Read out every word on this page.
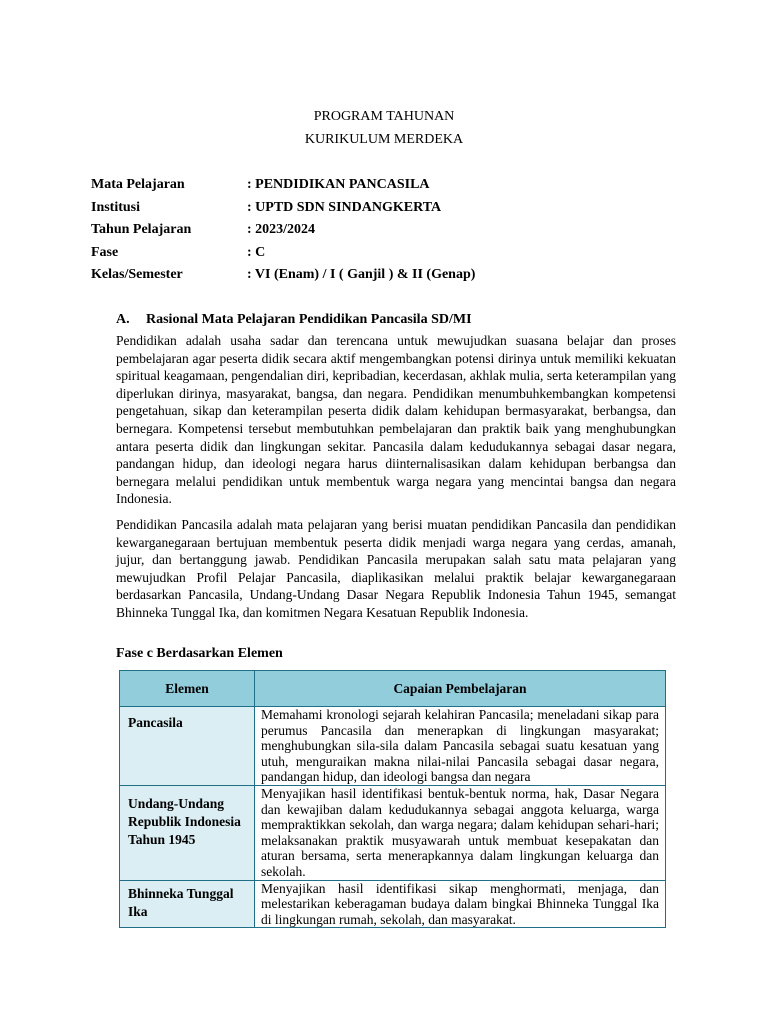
PROGRAM TAHUNAN
KURIKULUM MERDEKA
Mata Pelajaran	: PENDIDIKAN PANCASILA
Institusi	: UPTD SDN SINDANGKERTA
Tahun Pelajaran	: 2023/2024
Fase	: C
Kelas/Semester	: VI (Enam) / I ( Ganjil ) & II (Genap)
A. Rasional Mata Pelajaran Pendidikan Pancasila SD/MI

Pendidikan adalah usaha sadar dan terencana untuk mewujudkan suasana belajar dan proses pembelajaran agar peserta didik secara aktif mengembangkan potensi dirinya untuk memiliki kekuatan spiritual keagamaan, pengendalian diri, kepribadian, kecerdasan, akhlak mulia, serta keterampilan yang diperlukan dirinya, masyarakat, bangsa, dan negara. Pendidikan menumbuhkembangkan kompetensi pengetahuan, sikap dan keterampilan peserta didik dalam kehidupan bermasyarakat, berbangsa, dan bernegara. Kompetensi tersebut membutuhkan pembelajaran dan praktik baik yang menghubungkan antara peserta didik dan lingkungan sekitar. Pancasila dalam kedudukannya sebagai dasar negara, pandangan hidup, dan ideologi negara harus diinternalisasikan dalam kehidupan berbangsa dan bernegara melalui pendidikan untuk membentuk warga negara yang mencintai bangsa dan negara Indonesia.

Pendidikan Pancasila adalah mata pelajaran yang berisi muatan pendidikan Pancasila dan pendidikan kewarganegaraan bertujuan membentuk peserta didik menjadi warga negara yang cerdas, amanah, jujur, dan bertanggung jawab. Pendidikan Pancasila merupakan salah satu mata pelajaran yang mewujudkan Profil Pelajar Pancasila, diaplikasikan melalui praktik belajar kewarganegaraan berdasarkan Pancasila, Undang-Undang Dasar Negara Republik Indonesia Tahun 1945, semangat Bhinneka Tunggal Ika, dan komitmen Negara Kesatuan Republik Indonesia.

Fase c Berdasarkan Elemen
Elemen	Capaian Pembelajaran
Pancasila	Memahami kronologi sejarah kelahiran Pancasila; meneladani sikap para perumus Pancasila dan menerapkan di lingkungan masyarakat; menghubungkan sila-sila dalam Pancasila sebagai suatu kesatuan yang utuh, menguraikan makna nilai-nilai Pancasila sebagai dasar negara, pandangan hidup, dan ideologi bangsa dan negara
Undang-Undang Republik Indonesia Tahun 1945	Menyajikan hasil identifikasi bentuk-bentuk norma, hak, Dasar Negara dan kewajiban dalam kedudukannya sebagai anggota keluarga, warga mempraktikkan sekolah, dan warga negara; dalam kehidupan sehari-hari; melaksanakan praktik musyawarah untuk membuat kesepakatan dan aturan bersama, serta menerapkannya dalam lingkungan keluarga dan sekolah.
Bhinneka Tunggal Ika	Menyajikan hasil identifikasi sikap menghormati, menjaga, dan melestarikan keberagaman budaya dalam bingkai Bhinneka Tunggal Ika di lingkungan rumah, sekolah, dan masyarakat.
